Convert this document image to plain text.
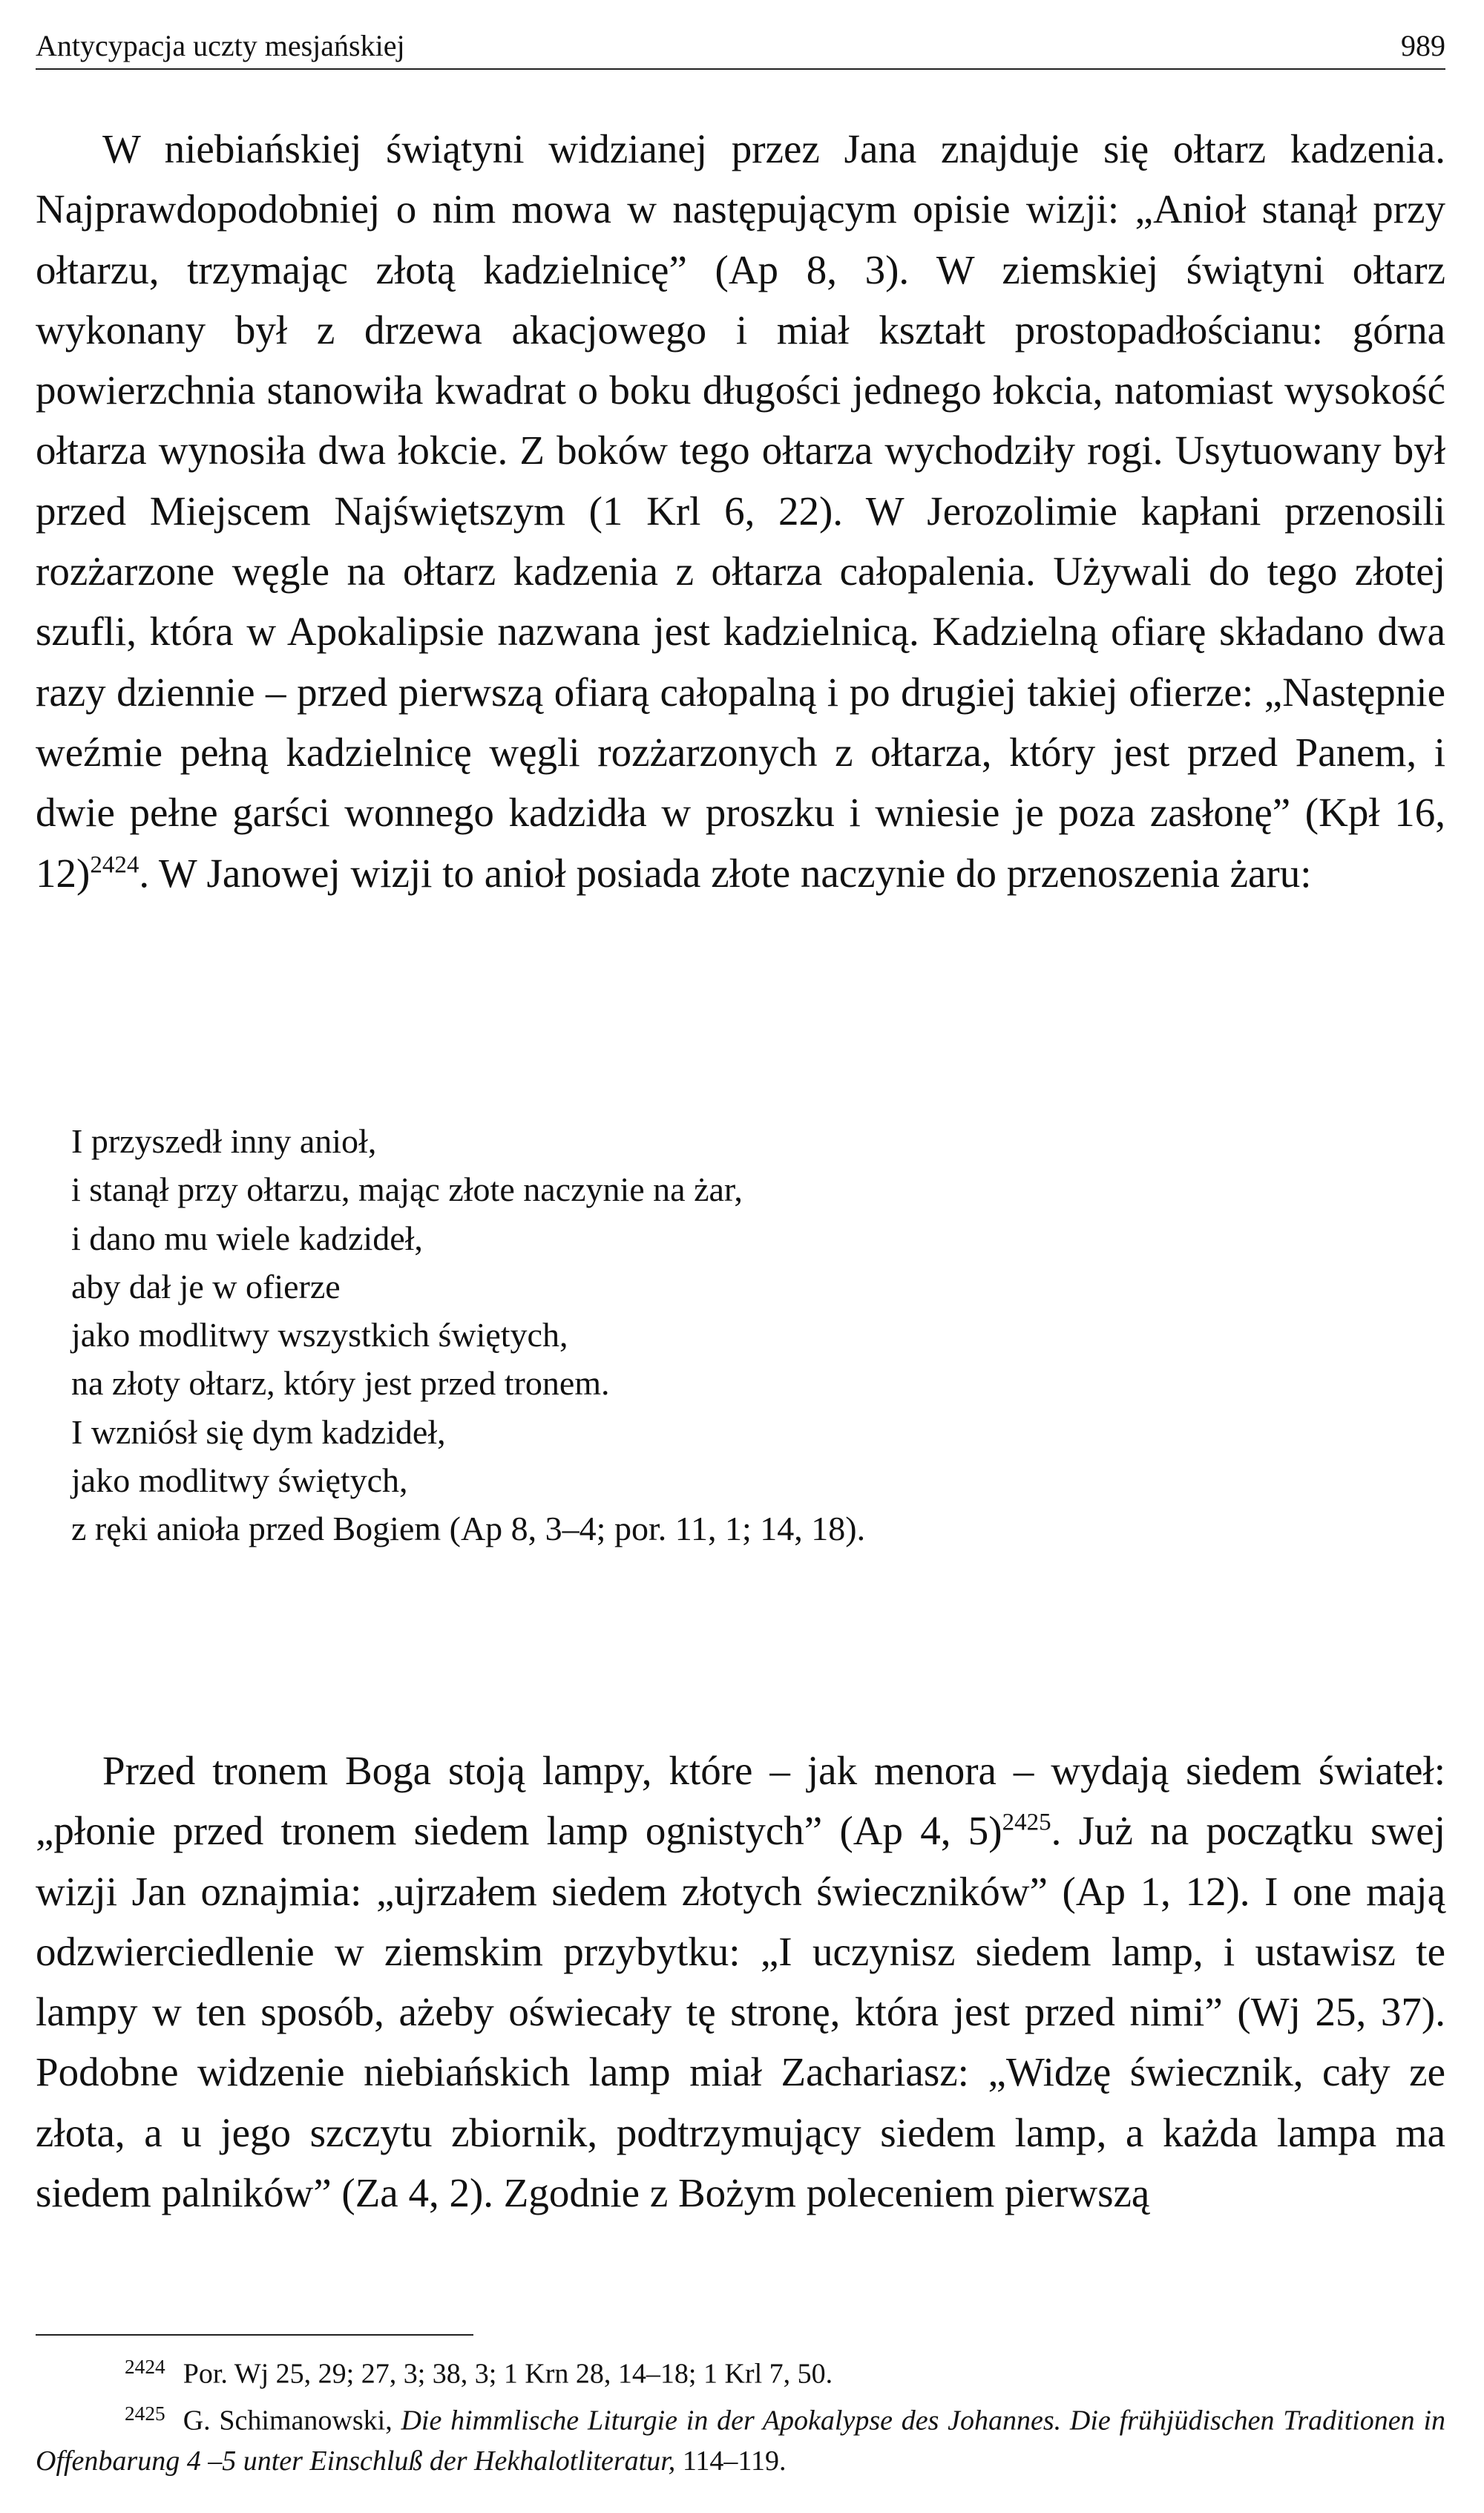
Antycypacja uczty mesjańskiej	989

W niebiańskiej świątyni widzianej przez Jana znajduje się ołtarz kadzenia. Najprawdopodobniej o nim mowa w następującym opisie wizji: „Anioł stanął przy ołtarzu, trzymając złotą kadzielnicę” (Ap 8, 3). W ziemskiej świątyni ołtarz wykonany był z drzewa akacjowego i miał kształt prostopadłościanu: górna powierzchnia stanowiła kwadrat o boku długości jednego łokcia, natomiast wysokość ołtarza wynosiła dwa łokcie. Z boków tego ołtarza wychodziły rogi. Usytuowany był przed Miejscem Najświętszym (1 Krl 6, 22). W Jerozolimie kapłani przenosili rozżarzone węgle na ołtarz kadzenia z ołtarza całopalenia. Używali do tego złotej szufli, która w Apokalipsie nazwana jest kadzielnicą. Kadzielną ofiarę składano dwa razy dziennie – przed pierwszą ofiarą całopalną i po drugiej takiej ofierze: „Następnie weźmie pełną kadzielnicę węgli rozżarzonych z ołtarza, który jest przed Panem, i dwie pełne garści wonnego kadzidła w proszku i wniesie je poza zasłonę” (Kpł 16, 12)$^{2424}$. W Janowej wizji to anioł posiada złote naczynie do przenoszenia żaru:

I przyszedł inny anioł,
i stanął przy ołtarzu, mając złote naczynie na żar,
i dano mu wiele kadzideł,
aby dał je w ofierze
jako modlitwy wszystkich świętych,
na złoty ołtarz, który jest przed tronem.
I wzniósł się dym kadzideł,
jako modlitwy świętych,
z ręki anioła przed Bogiem (Ap 8, 3–4; por. 11, 1; 14, 18).

Przed tronem Boga stoją lampy, które – jak menora – wydają siedem świateł: „płonie przed tronem siedem lamp ognistych” (Ap 4, 5)$^{2425}$. Już na początku swej wizji Jan oznajmia: „ujrzałem siedem złotych świeczników” (Ap 1, 12). I one mają odzwierciedlenie w ziemskim przybytku: „I uczynisz siedem lamp, i ustawisz te lampy w ten sposób, ażeby oświecały tę stronę, która jest przed nimi” (Wj 25, 37). Podobne widzenie niebiańskich lamp miał Zachariasz: „Widzę świecznik, cały ze złota, a u jego szczytu zbiornik, podtrzymujący siedem lamp, a każda lampa ma siedem palników” (Za 4, 2). Zgodnie z Bożym poleceniem pierwszą

2424 Por. Wj 25, 29; 27, 3; 38, 3; 1 Krn 28, 14–18; 1 Krl 7, 50.

2425 G. Schimanowski, Die himmlische Liturgie in der Apokalypse des Johannes. Die frühjüdischen Traditionen in Offenbarung 4 –5 unter Einschluß der Hekhalotliteratur, 114–119.
